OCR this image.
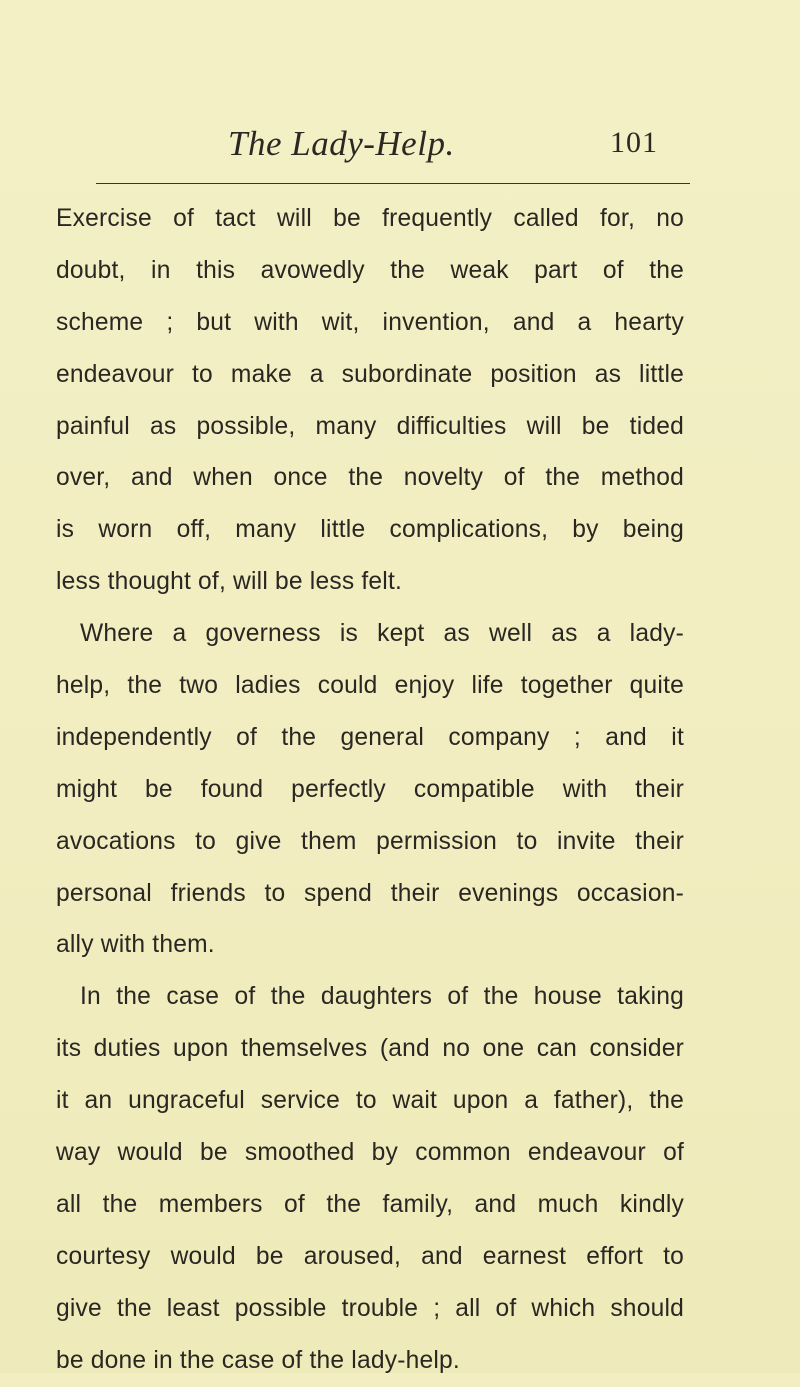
The Lady-Help.	101
Exercise of tact will be frequently called for, no
doubt, in this avowedly the weak part of the
scheme ; but with wit, invention, and a hearty
endeavour to make a subordinate position as little
painful as possible, many difficulties will be tided
over, and when once the novelty of the method
is worn off, many little complications, by being
less thought of, will be less felt.
Where a governess is kept as well as a lady-
help, the two ladies could enjoy life together quite
independently of the general company ; and it
might be found perfectly compatible with their
avocations to give them permission to invite their
personal friends to spend their evenings occasion-
ally with them.
In the case of the daughters of the house taking
its duties upon themselves (and no one can consider
it an ungraceful service to wait upon a father), the
way would be smoothed by common endeavour of
all the members of the family, and much kindly
courtesy would be aroused, and earnest effort to
give the least possible trouble ; all of which should
be done in the case of the lady-help.
